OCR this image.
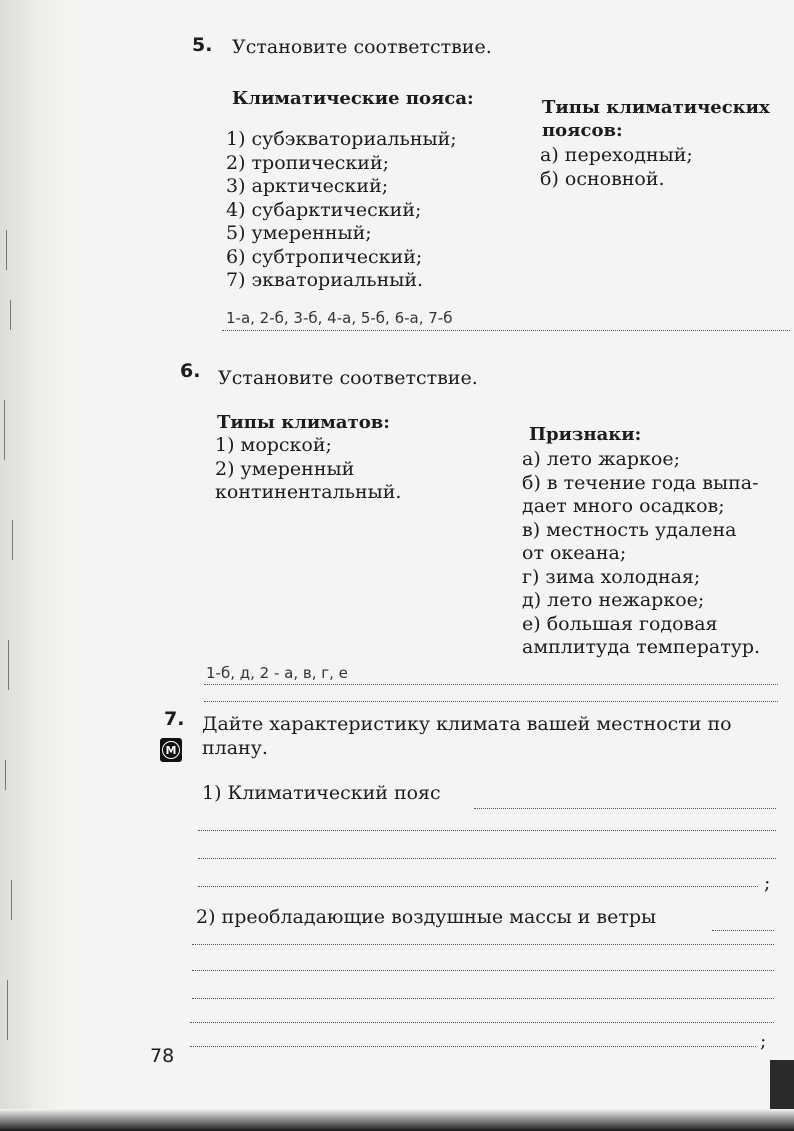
5. Установите соответствие.
Климатические пояса:
1) субэкваториальный;
2) тропический;
3) арктический;
4) субарктический;
5) умеренный;
6) субтропический;
7) экваториальный.
Типы климатических
поясов:
а) переходный;
б) основной.
1-а, 2-б, 3-б, 4-а, 5-б, 6-а, 7-б
6. Установите соответствие.
Типы климатов:
1) морской;
2) умеренный
континентальный.
Признаки:
а) лето жаркое;
б) в течение года выпа-
дает много осадков;
в) местность удалена
от океана;
г) зима холодная;
д) лето нежаркое;
е) большая годовая
амплитуда температур.
1-б, д, 2 - а, в, г, е
7.
М
Дайте характеристику климата вашей местности по
плану.
1) Климатический пояс
;
2) преобладающие воздушные массы и ветры
;
78
